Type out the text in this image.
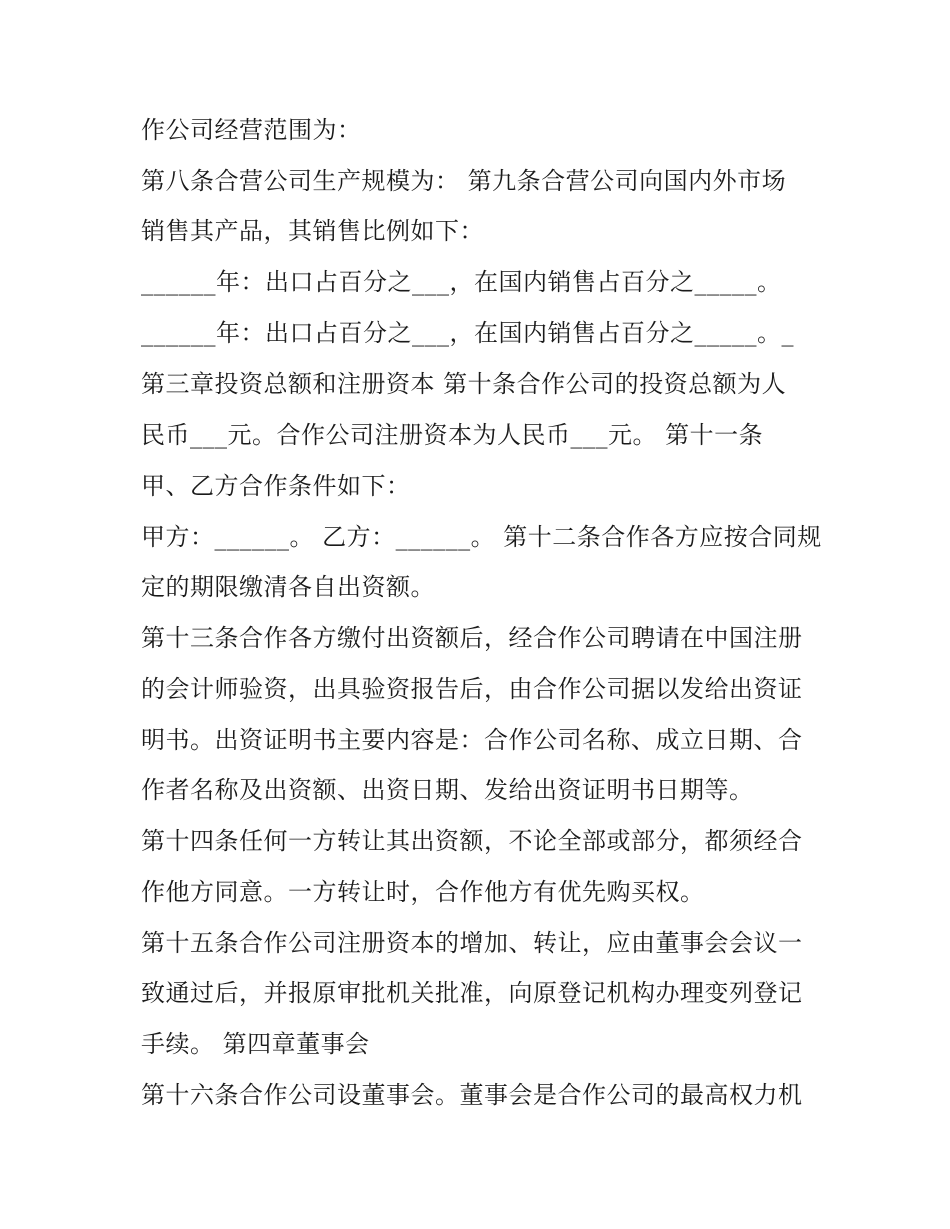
作公司经营范围为：
第八条合营公司生产规模为： 第九条合营公司向国内外市场
销售其产品，其销售比例如下：
______年：出口占百分之___，在国内销售占百分之_____。
______年：出口占百分之___，在国内销售占百分之_____。_
第三章投资总额和注册资本 第十条合作公司的投资总额为人
民币___元。合作公司注册资本为人民币___元。 第十一条
甲、乙方合作条件如下：
甲方：______。 乙方：______。 第十二条合作各方应按合同规
定的期限缴清各自出资额。
第十三条合作各方缴付出资额后，经合作公司聘请在中国注册
的会计师验资，出具验资报告后，由合作公司据以发给出资证
明书。出资证明书主要内容是：合作公司名称、成立日期、合
作者名称及出资额、出资日期、发给出资证明书日期等。
第十四条任何一方转让其出资额，不论全部或部分，都须经合
作他方同意。一方转让时，合作他方有优先购买权。
第十五条合作公司注册资本的增加、转让，应由董事会会议一
致通过后，并报原审批机关批准，向原登记机构办理变列登记
手续。 第四章董事会
第十六条合作公司设董事会。董事会是合作公司的最高权力机
